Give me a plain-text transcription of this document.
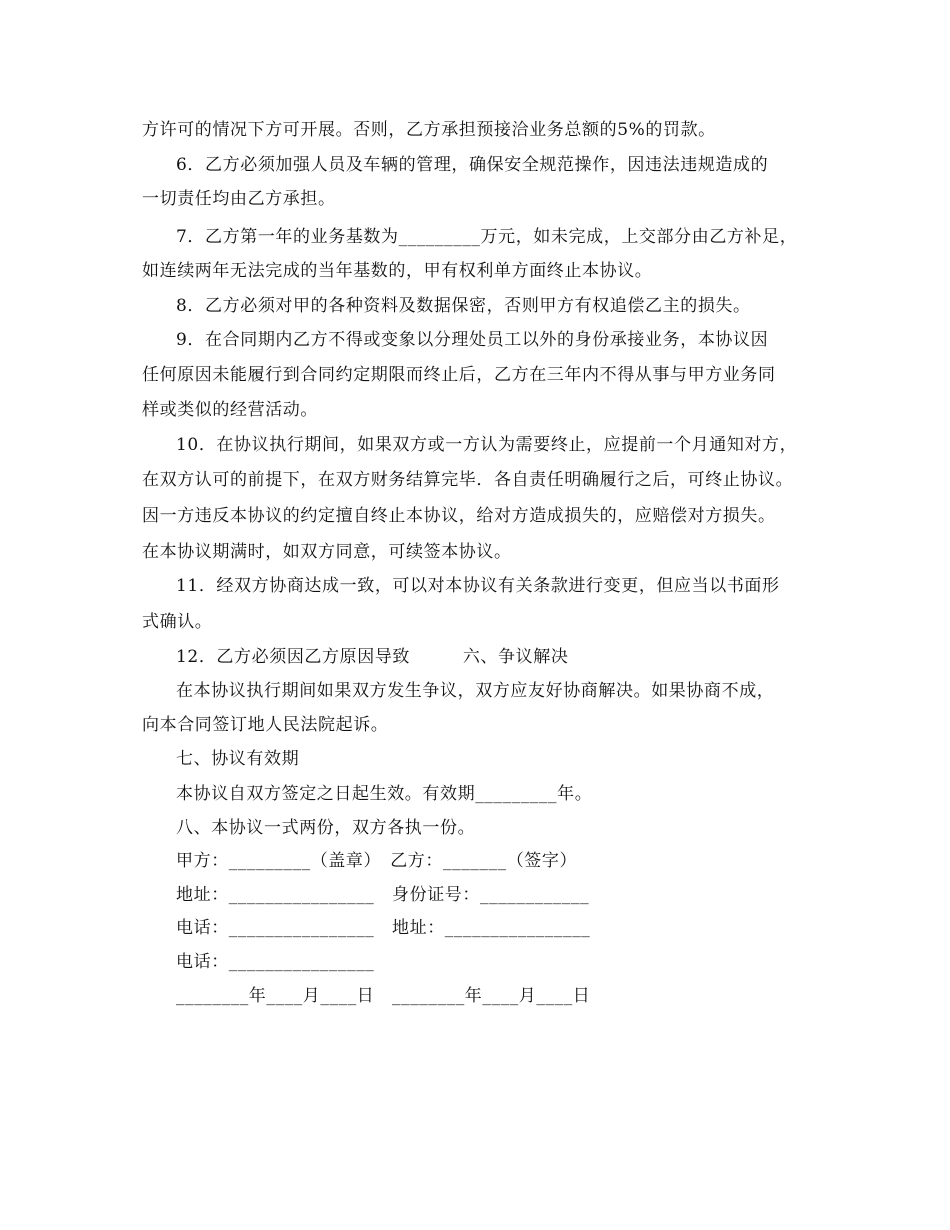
方许可的情况下方可开展。否则，乙方承担预接洽业务总额的5%的罚款。
6．乙方必须加强人员及车辆的管理，确保安全规范操作，因违法违规造成的
一切责任均由乙方承担。
7．乙方第一年的业务基数为_________万元，如未完成，上交部分由乙方补足，
如连续两年无法完成的当年基数的，甲有权利单方面终止本协议。
8．乙方必须对甲的各种资料及数据保密，否则甲方有权追偿乙主的损失。
9．在合同期内乙方不得或变象以分理处员工以外的身份承接业务，本协议因
任何原因未能履行到合同约定期限而终止后，乙方在三年内不得从事与甲方业务同
样或类似的经营活动。
10．在协议执行期间，如果双方或一方认为需要终止，应提前一个月通知对方，
在双方认可的前提下，在双方财务结算完毕．各自责任明确履行之后，可终止协议。
因一方违反本协议的约定擅自终止本协议，给对方造成损失的，应赔偿对方损失。
在本协议期满时，如双方同意，可续签本协议。
11．经双方协商达成一致，可以对本协议有关条款进行变更，但应当以书面形
式确认。
12．乙方必须因乙方原因导致　　　六、争议解决
在本协议执行期间如果双方发生争议，双方应友好协商解决。如果协商不成，
向本合同签订地人民法院起诉。
七、协议有效期
本协议自双方签定之日起生效。有效期_________年。
八、本协议一式两份，双方各执一份。
甲方：_________（盖章）　乙方：_______（签字）
地址：________________　身份证号：____________
电话：________________　地址：________________
电话：________________
________年____月____日　________年____月____日
